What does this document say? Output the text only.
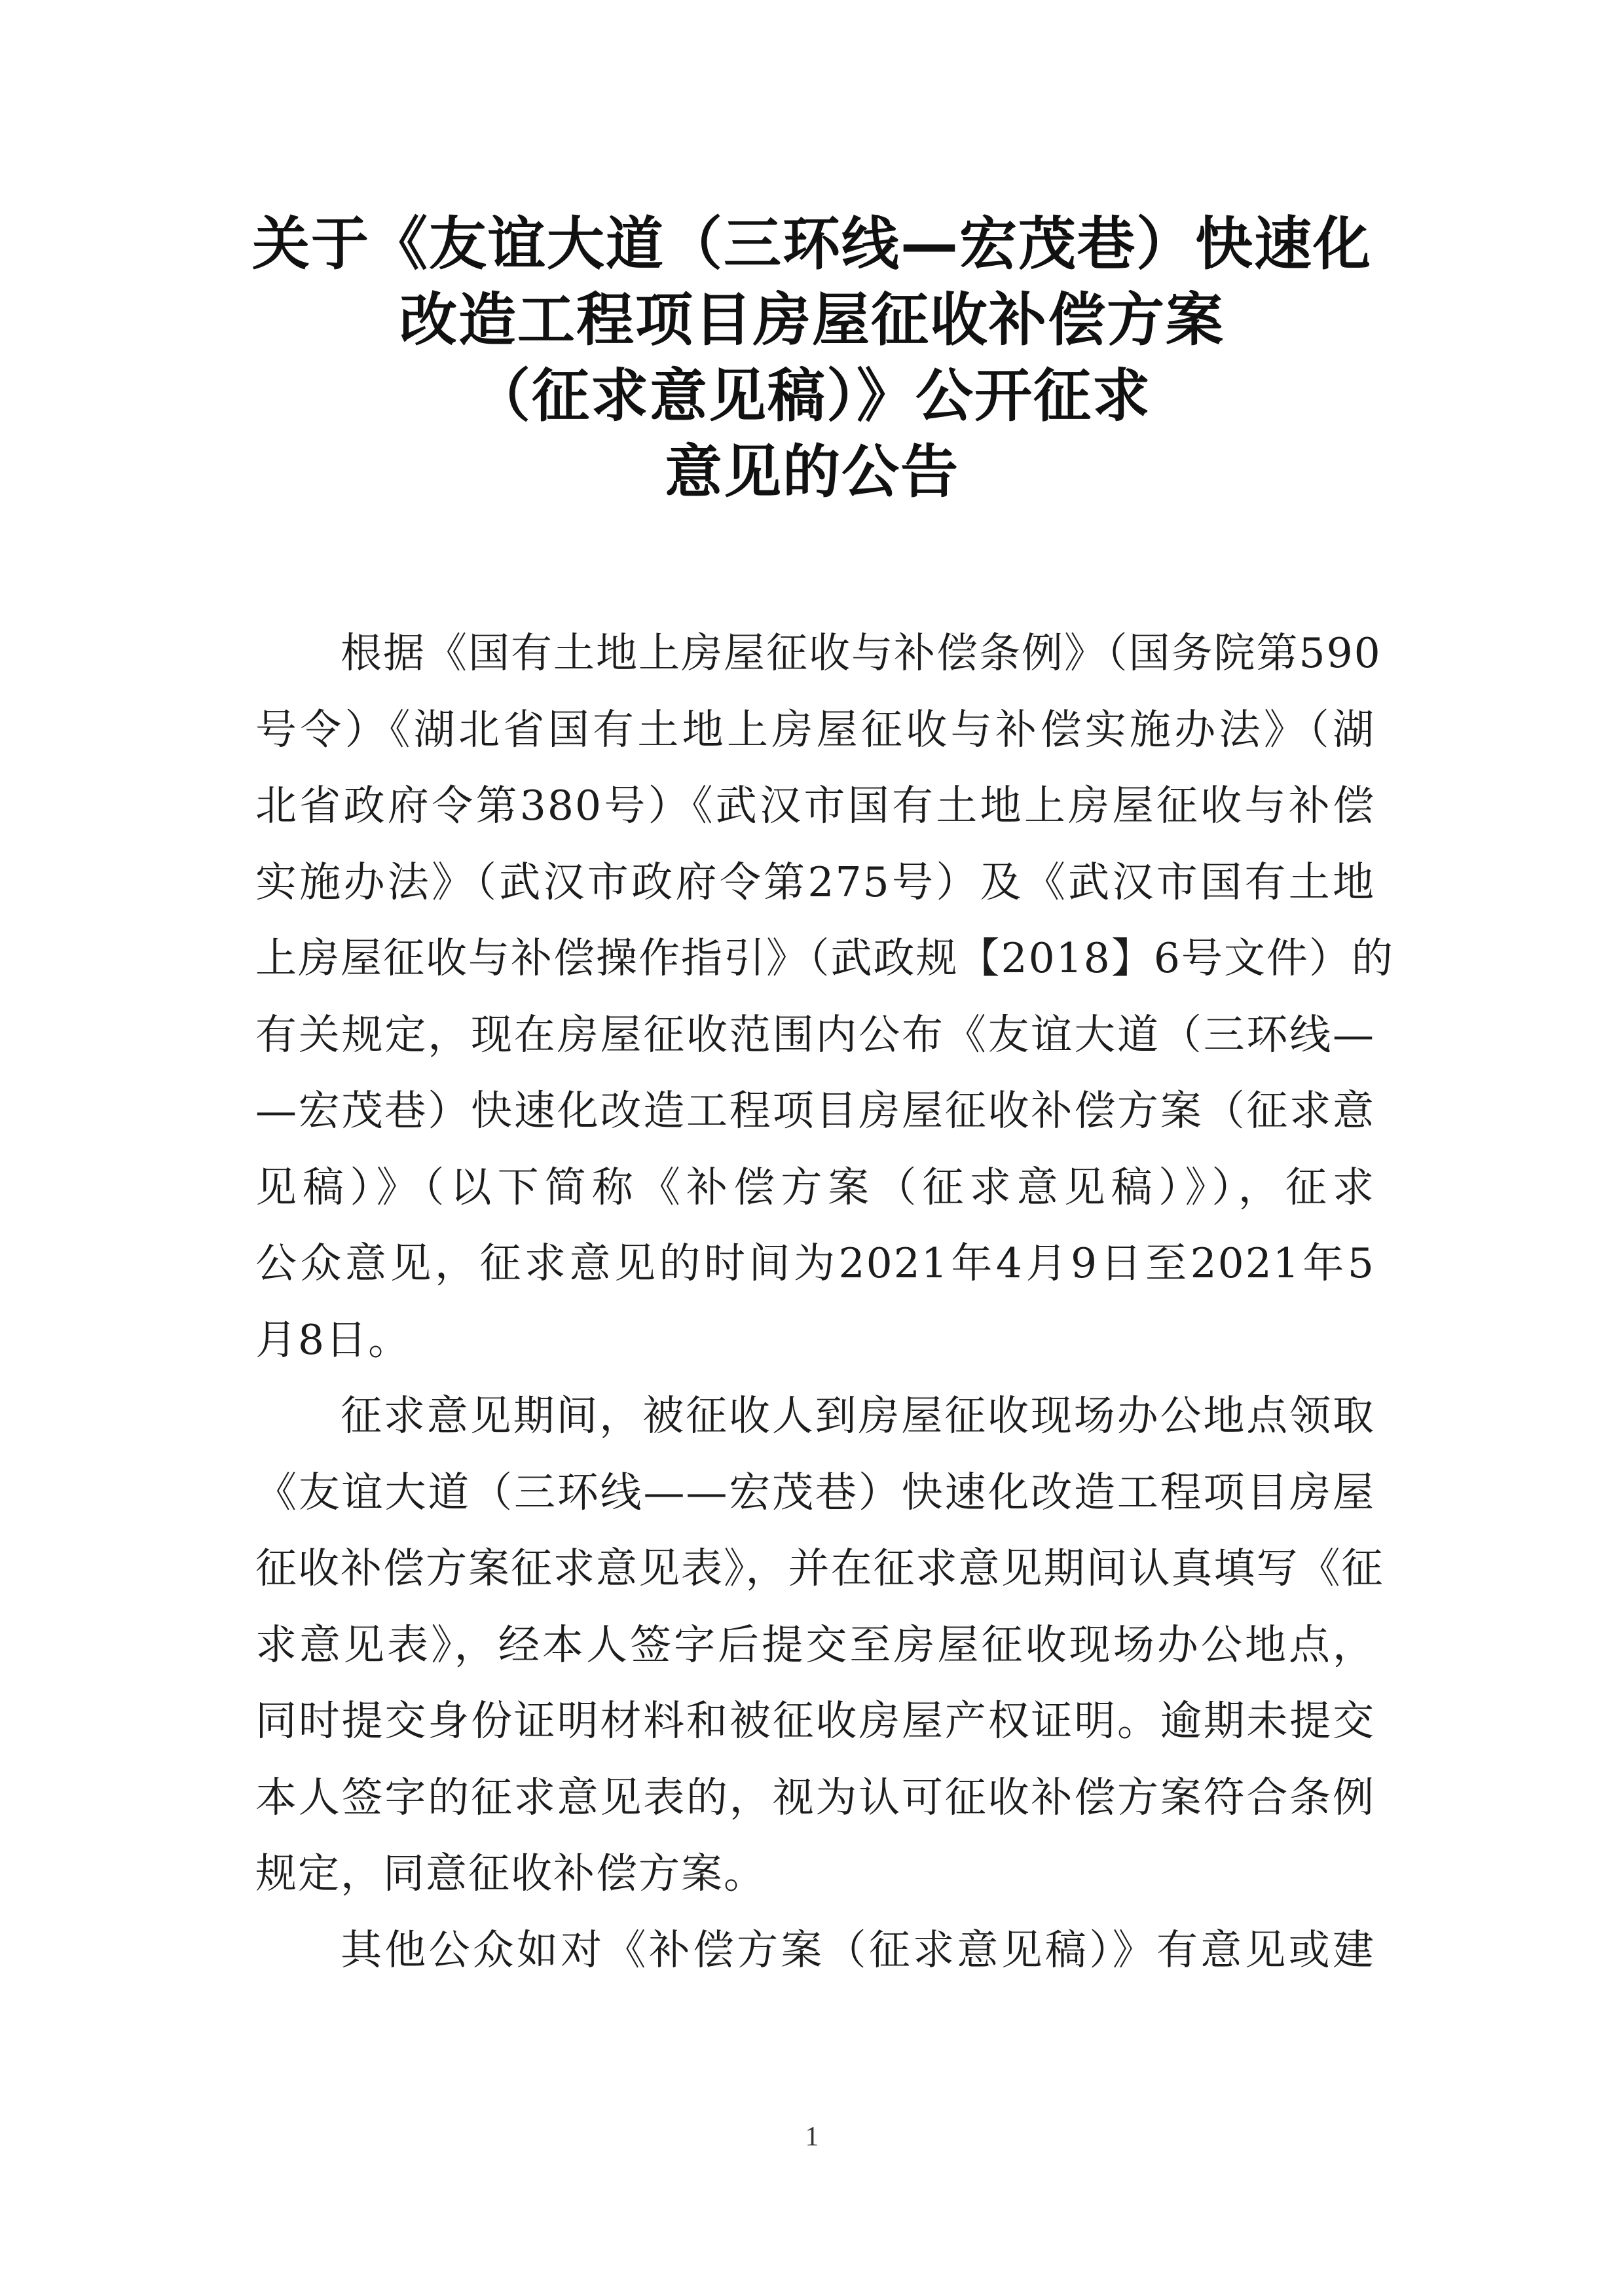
关于《友谊大道（三环线—宏茂巷）快速化
改造工程项目房屋征收补偿方案
（征求意见稿）》公开征求
意见的公告
根据《国有土地上房屋征收与补偿条例》（国务院第590
号令）《湖北省国有土地上房屋征收与补偿实施办法》（湖
北省政府令第380号）《武汉市国有土地上房屋征收与补偿
实施办法》（武汉市政府令第275号）及《武汉市国有土地
上房屋征收与补偿操作指引》（武政规【2018】6号文件）的
有关规定，现在房屋征收范围内公布《友谊大道（三环线—
—宏茂巷）快速化改造工程项目房屋征收补偿方案（征求意
见稿）》（以下简称《补偿方案（征求意见稿）》），征求
公众意见，征求意见的时间为2021年4月9日至2021年5
月8日。
征求意见期间，被征收人到房屋征收现场办公地点领取
《友谊大道（三环线——宏茂巷）快速化改造工程项目房屋
征收补偿方案征求意见表》，并在征求意见期间认真填写《征
求意见表》，经本人签字后提交至房屋征收现场办公地点，
同时提交身份证明材料和被征收房屋产权证明。逾期未提交
本人签字的征求意见表的，视为认可征收补偿方案符合条例
规定，同意征收补偿方案。
其他公众如对《补偿方案（征求意见稿）》有意见或建
1
